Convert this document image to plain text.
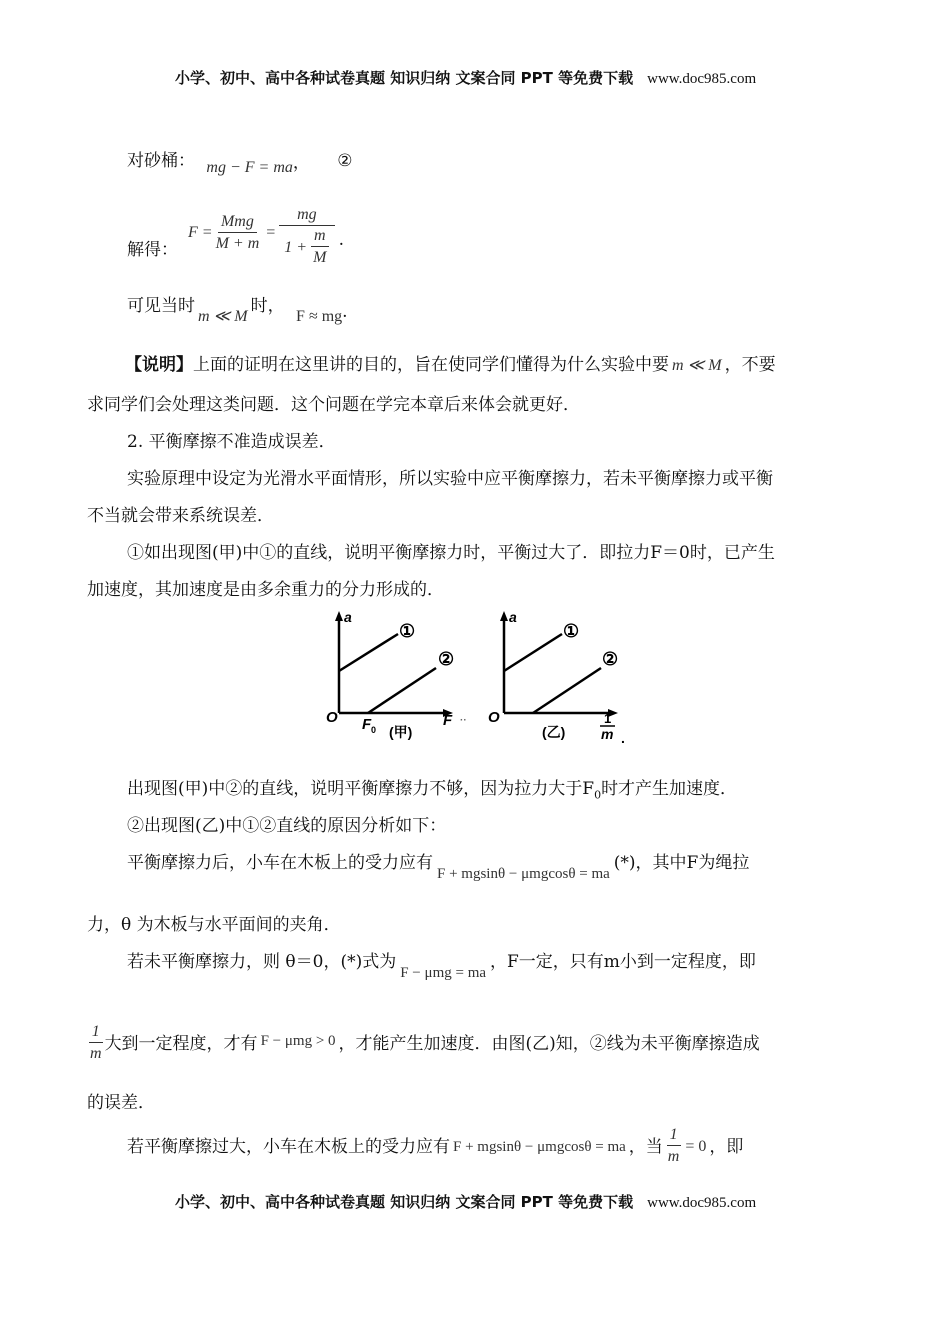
小学、初中、高中各种试卷真题 知识归纳 文案合同 PPT 等免费下载 www.doc985.com
对砂桶： mg − F = ma， ②
解得：
$F = \frac{\text{Mmg}}{M + m} = \frac{mg}{1 + \frac{m}{M}}$ .
可见当时m ≪ M时， F ≈ mg.
【说明】上面的证明在这里讲的目的，旨在使同学们懂得为什么实验中要 m ≪ M ，不要
求同学们会处理这类问题．这个问题在学完本章后来体会就更好．
2. 平衡摩擦不准造成误差．
实验原理中设定为光滑水平面情形，所以实验中应平衡摩擦力，若未平衡摩擦力或平衡
不当就会带来系统误差．
①如出现图(甲)中①的直线，说明平衡摩擦力时，平衡过大了．即拉力F＝0时，已产生
加速度，其加速度是由多余重力的分力形成的．
a
O F 0
F
(甲)
①
②
··
a
O	1
m
(乙)
①
②
.
出现图(甲)中②的直线，说明平衡摩擦力不够，因为拉力大于$F_0$时才产生加速度．
②出现图(乙)中①②直线的原因分析如下：
平衡摩擦力后，小车在木板上的受力应有F + mgsinθ − μmgcosθ = ma(*)，其中F为绳拉
力，θ 为木板与水平面间的夹角．
若未平衡摩擦力，则 θ＝0，(*)式为F − μmg = ma，F一定，只有m小到一定程度，即
$\frac{1}{m}$ 大到一定程度，才有 F − μmg > 0 ，才能产生加速度．由图(乙)知，②线为未平衡摩擦造成
的误差．
若平衡摩擦过大，小车在木板上的受力应有 F + mgsinθ − μmgcosθ = ma ，当 $\frac{1}{m} = 0$ ，即
小学、初中、高中各种试卷真题 知识归纳 文案合同 PPT 等免费下载 www.doc985.com
